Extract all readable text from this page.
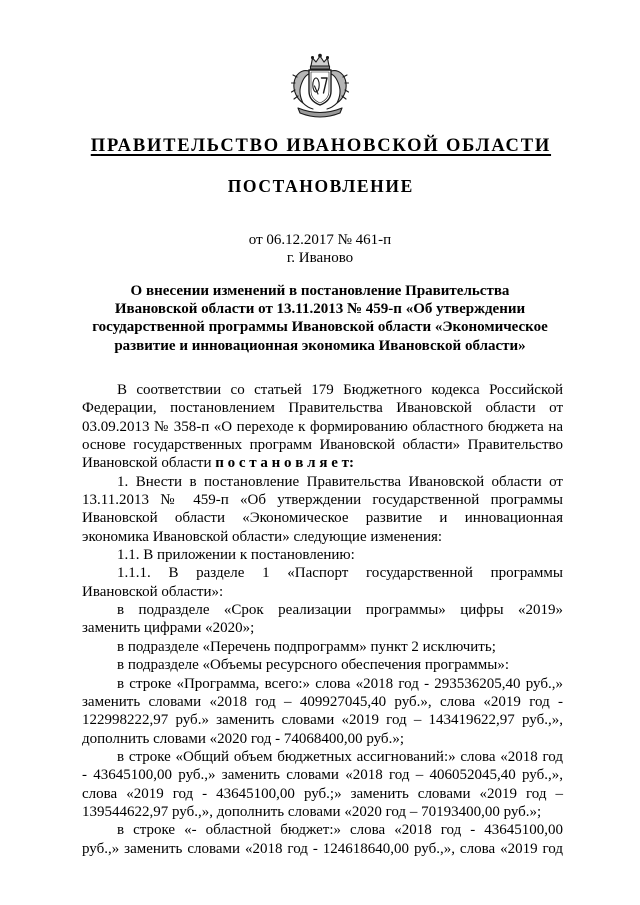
ПРАВИТЕЛЬСТВО ИВАНОВСКОЙ ОБЛАСТИ
ПОСТАНОВЛЕНИЕ
от 06.12.2017 № 461-п
г. Иваново
О внесении изменений в постановление Правительства
Ивановской области от 13.11.2013 № 459-п «Об утверждении
государственной программы Ивановской области «Экономическое
развитие и инновационная экономика Ивановской области»
В соответствии со статьей 179 Бюджетного кодекса Российской
Федерации, постановлением Правительства Ивановской области от
03.09.2013 № 358-п «О переходе к формированию областного бюджета на
основе государственных программ Ивановской области» Правительство
Ивановской области п о с т а н о в л я е т:
1. Внести в постановление Правительства Ивановской области от
13.11.2013 № 459-п «Об утверждении государственной программы
Ивановской области «Экономическое развитие и инновационная
экономика Ивановской области» следующие изменения:
1.1. В приложении к постановлению:
1.1.1. В разделе 1 «Паспорт государственной программы
Ивановской области»:
в подразделе «Срок реализации программы» цифры «2019»
заменить цифрами «2020»;
в подразделе «Перечень подпрограмм» пункт 2 исключить;
в подразделе «Объемы ресурсного обеспечения программы»:
в строке «Программа, всего:» слова «2018 год - 293536205,40 руб.,»
заменить словами «2018 год – 409927045,40 руб.», слова «2019 год -
122998222,97 руб.» заменить словами «2019 год – 143419622,97 руб.,»,
дополнить словами «2020 год - 74068400,00 руб.»;
в строке «Общий объем бюджетных ассигнований:» слова «2018 год
- 43645100,00 руб.,» заменить словами «2018 год – 406052045,40 руб.,»,
слова «2019 год - 43645100,00 руб.;» заменить словами «2019 год –
139544622,97 руб.,», дополнить словами «2020 год – 70193400,00 руб.»;
в строке «- областной бюджет:» слова «2018 год - 43645100,00
руб.,» заменить словами «2018 год - 124618640,00 руб.,», слова «2019 год
